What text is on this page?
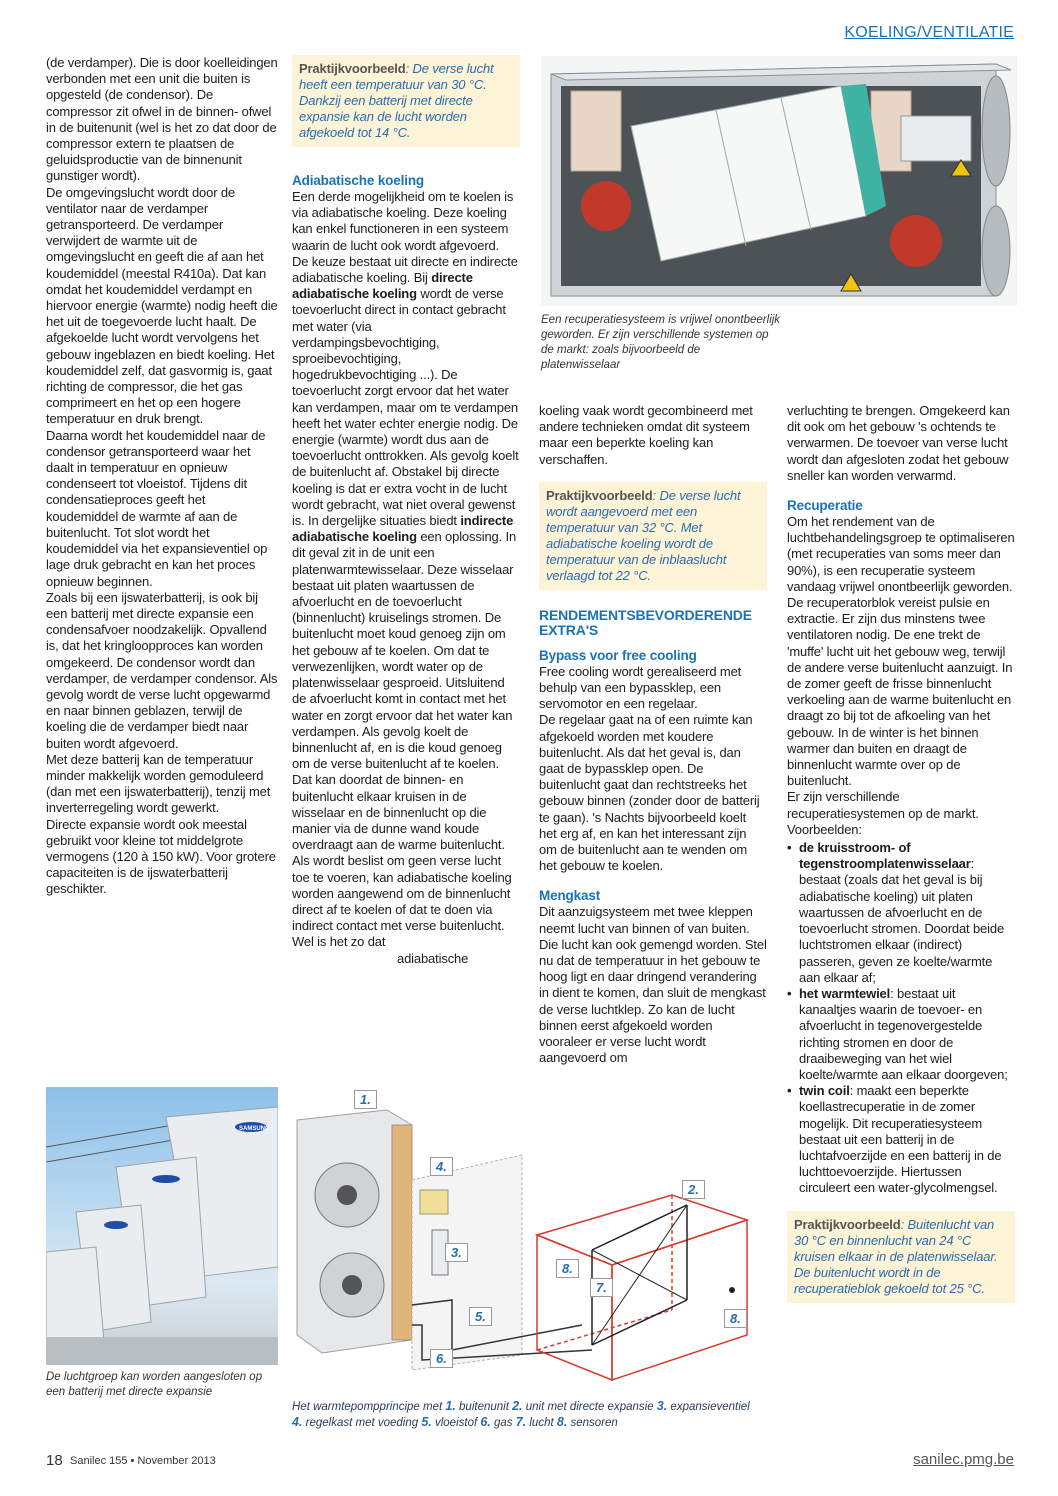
KOELING/VENTILATIE

(de verdamper). Die is door koelleidingen verbonden met een unit die buiten is opgesteld (de condensor). De compressor zit ofwel in de binnen- ofwel in de buitenunit (wel is het zo dat door de compressor extern te plaatsen de geluidsproductie van de binnenunit gunstiger wordt).

De omgevingslucht wordt door de ventilator naar de verdamper getransporteerd. De verdamper verwijdert de warmte uit de omgevingslucht en geeft die af aan het koudemiddel (meestal R410a). Dat kan omdat het koudemiddel verdampt en hiervoor energie (warmte) nodig heeft die het uit de toegevoerde lucht haalt. De afgekoelde lucht wordt vervolgens het gebouw ingeblazen en biedt koeling. Het koudemiddel zelf, dat gasvormig is, gaat richting de compressor, die het gas comprimeert en het op een hogere temperatuur en druk brengt.

Daarna wordt het koudemiddel naar de condensor getransporteerd waar het daalt in temperatuur en opnieuw condenseert tot vloeistof. Tijdens dit condensatieproces geeft het koudemiddel de warmte af aan de buitenlucht. Tot slot wordt het koudemiddel via het expansieventiel op lage druk gebracht en kan het proces opnieuw beginnen.

Zoals bij een ijswaterbatterij, is ook bij een batterij met directe expansie een condensafvoer noodzakelijk. Opvallend is, dat het kringloopproces kan worden omgekeerd. De condensor wordt dan verdamper, de verdamper condensor. Als gevolg wordt de verse lucht opgewarmd en naar binnen geblazen, terwijl de koeling die de verdamper biedt naar buiten wordt afgevoerd.

Met deze batterij kan de temperatuur minder makkelijk worden gemoduleerd (dan met een ijswaterbatterij), tenzij met inverterregeling wordt gewerkt.

Directe expansie wordt ook meestal gebruikt voor kleine tot middelgrote vermogens (120 à 150 kW). Voor grotere capaciteiten is de ijswaterbatterij geschikter.

SAMSUNG
De luchtgroep kan worden aangesloten op een batterij met directe expansie
Praktijkvoorbeeld: De verse lucht heeft een temperatuur van 30 °C. Dankzij een batterij met directe expansie kan de lucht worden afgekoeld tot 14 °C.
Adiabatische koeling

Een derde mogelijkheid om te koelen is via adiabatische koeling. Deze koeling kan enkel functioneren in een systeem waarin de lucht ook wordt afgevoerd.

De keuze bestaat uit directe en indirecte adiabatische koeling. Bij directe adiabatische koeling wordt de verse toevoerlucht direct in contact gebracht met water (via verdampingsbevochtiging, sproeibevochtiging, hogedrukbevochtiging ...). De toevoerlucht zorgt ervoor dat het water kan verdampen, maar om te verdampen heeft het water echter energie nodig. De energie (warmte) wordt dus aan de toevoerlucht onttrokken. Als gevolg koelt de buitenlucht af. Obstakel bij directe koeling is dat er extra vocht in de lucht wordt gebracht, wat niet overal gewenst is. In dergelijke situaties biedt indirecte adiabatische koeling een oplossing. In dit geval zit in de unit een platenwarmtewisselaar. Deze wisselaar bestaat uit platen waartussen de afvoerlucht en de toevoerlucht (binnenlucht) kruiselings stromen. De buitenlucht moet koud genoeg zijn om het gebouw af te koelen. Om dat te verwezenlijken, wordt water op de platenwisselaar gesproeid. Uitsluitend de afvoerlucht komt in contact met het water en zorgt ervoor dat het water kan verdampen. Als gevolg koelt de binnenlucht af, en is die koud genoeg om de verse buitenlucht af te koelen. Dat kan doordat de binnen- en buitenlucht elkaar kruisen in de wisselaar en de binnenlucht op die manier via de dunne wand koude overdraagt aan de warme buitenlucht. Als wordt beslist om geen verse lucht toe te voeren, kan adiabatische koeling worden aangewend om de binnenlucht direct af te koelen of dat te doen via indirect contact met verse buitenlucht. Wel is het zo dat

adiabatische

Een recuperatiesysteem is vrijwel onontbeerlijk geworden. Er zijn verschillende systemen op de markt: zoals bijvoorbeeld de platenwisselaar

koeling vaak wordt gecombineerd met andere technieken omdat dit systeem maar een beperkte koeling kan verschaffen.

Praktijkvoorbeeld: De verse lucht wordt aangevoerd met een temperatuur van 32 °C. Met adiabatische koeling wordt de temperatuur van de inblaaslucht verlaagd tot 22 °C.
RENDEMENTSBEVORDERENDE EXTRA'S
Bypass voor free cooling

Free cooling wordt gerealiseerd met behulp van een bypassklep, een servomotor en een regelaar.

De regelaar gaat na of een ruimte kan afgekoeld worden met koudere buitenlucht. Als dat het geval is, dan gaat de bypassklep open. De buitenlucht gaat dan rechtstreeks het gebouw binnen (zonder door de batterij te gaan). 's Nachts bijvoorbeeld koelt het erg af, en kan het interessant zijn om de buitenlucht aan te wenden om het gebouw te koelen.

Mengkast

Dit aanzuigsysteem met twee kleppen neemt lucht van binnen of van buiten. Die lucht kan ook gemengd worden. Stel nu dat de temperatuur in het gebouw te hoog ligt en daar dringend verandering in dient te komen, dan sluit de mengkast de verse luchtklep. Zo kan de lucht binnen eerst afgekoeld worden vooraleer er verse lucht wordt aangevoerd om

verluchting te brengen. Omgekeerd kan dit ook om het gebouw 's ochtends te verwarmen. De toevoer van verse lucht wordt dan afgesloten zodat het gebouw sneller kan worden verwarmd.

Recuperatie

Om het rendement van de luchtbehandelingsgroep te optimaliseren (met recuperaties van soms meer dan 90%), is een recuperatie systeem vandaag vrijwel onontbeerlijk geworden.

De recuperatorblok vereist pulsie en extractie. Er zijn dus minstens twee ventilatoren nodig. De ene trekt de 'muffe' lucht uit het gebouw weg, terwijl de andere verse buitenlucht aanzuigt. In de zomer geeft de frisse binnenlucht verkoeling aan de warme buitenlucht en draagt zo bij tot de afkoeling van het gebouw. In de winter is het binnen warmer dan buiten en draagt de binnenlucht warmte over op de buitenlucht.

Er zijn verschillende recuperatiesystemen op de markt. Voorbeelden:

• de kruisstroom- of tegenstroomplatenwisselaar: bestaat (zoals dat het geval is bij adiabatische koeling) uit platen waartussen de afvoerlucht en de toevoerlucht stromen. Doordat beide luchtstromen elkaar (indirect) passeren, geven ze koelte/warmte aan elkaar af;
• het warmtewiel: bestaat uit kanaaltjes waarin de toevoer- en afvoerlucht in tegenovergestelde richting stromen en door de draaibeweging van het wiel koelte/warmte aan elkaar doorgeven;
• twin coil: maakt een beperkte koellastrecuperatie in de zomer mogelijk. Dit recuperatiesysteem bestaat uit een batterij in de luchtafvoerzijde en een batterij in de luchttoevoerzijde. Hiertussen circuleert een water-glycolmengsel.
Praktijkvoorbeeld: Buitenlucht van 30 °C en binnenlucht van 24 °C kruisen elkaar in de platenwisselaar. De buitenlucht wordt in de recuperatieblok gekoeld tot 25 °C.
1.
2.
3.
4.
5.
6.
7.
8.
8.
Het warmtepompprincipe met 1. buitenunit 2. unit met directe expansie 3. expansieventiel 4. regelkast met voeding 5. vloeistof 6. gas 7. lucht 8. sensoren
18 Sanilec 155 • November 2013	sanilec.pmg.be
